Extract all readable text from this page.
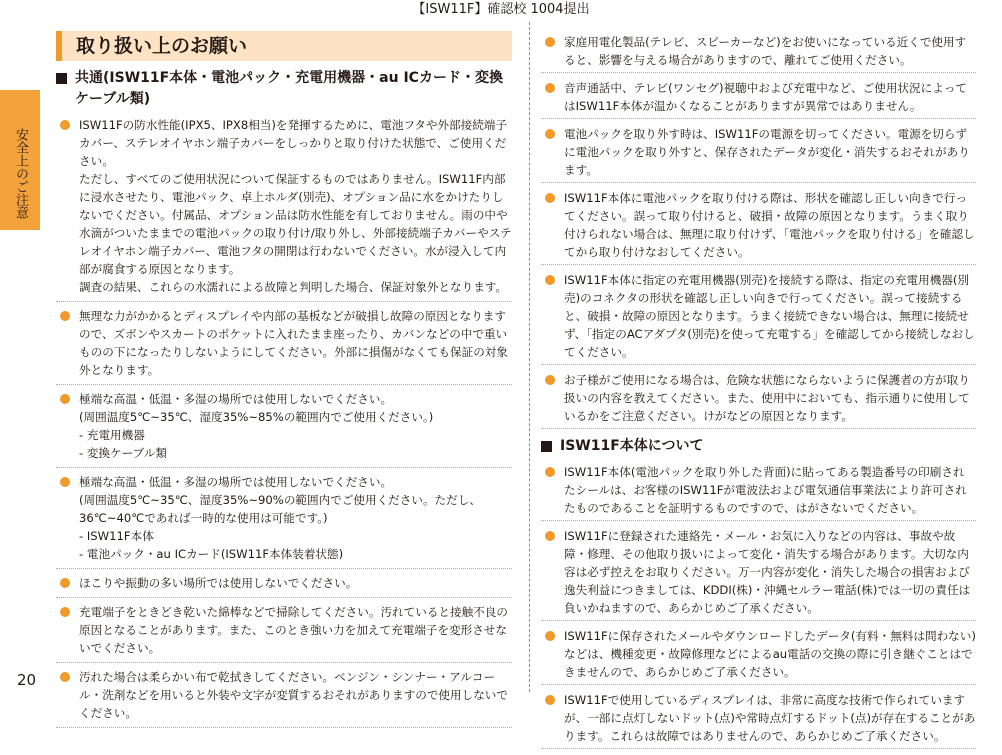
【ISW11F】確認校 1004提出
安全上のご注意
20
取り扱い上のお願い
共通(ISW11F本体・電池パック・充電用機器・au ICカード・変換ケーブル類)

ISW11Fの防水性能(IPX5、IPX8相当)を発揮するために、電池フタや外部接続端子カバー、ステレオイヤホン端子カバーをしっかりと取り付けた状態で、ご使用ください。

ただし、すべてのご使用状況について保証するものではありません。ISW11F内部に浸水させたり、電池パック、卓上ホルダ(別売)、オプション品に水をかけたりしないでください。付属品、オプション品は防水性能を有しておりません。雨の中や水滴がついたままでの電池パックの取り付け/取り外し、外部接続端子カバーやステレオイヤホン端子カバー、電池フタの開閉は行わないでください。水が浸入して内部が腐食する原因となります。

調査の結果、これらの水濡れによる故障と判明した場合、保証対象外となります。

無理な力がかかるとディスプレイや内部の基板などが破損し故障の原因となりますので、ズボンやスカートのポケットに入れたまま座ったり、カバンなどの中で重いものの下になったりしないようにしてください。外部に損傷がなくても保証の対象外となります。

極端な高温・低温・多湿の場所では使用しないでください。

(周囲温度5℃~35℃、湿度35%~85%の範囲内でご使用ください。)

- 充電用機器

- 変換ケーブル類

極端な高温・低温・多湿の場所では使用しないでください。

(周囲温度5℃~35℃、湿度35%~90%の範囲内でご使用ください。ただし、36℃~40℃であれば一時的な使用は可能です。)

- ISW11F本体

- 電池パック・au ICカード(ISW11F本体装着状態)

ほこりや振動の多い場所では使用しないでください。

充電端子をときどき乾いた綿棒などで掃除してください。汚れていると接触不良の原因となることがあります。また、このとき強い力を加えて充電端子を変形させないでください。

汚れた場合は柔らかい布で乾拭きしてください。ベンジン・シンナー・アルコール・洗剤などを用いると外装や文字が変質するおそれがありますので使用しないでください。

家庭用電化製品(テレビ、スピーカーなど)をお使いになっている近くで使用すると、影響を与える場合がありますので、離れてご使用ください。

音声通話中、テレビ(ワンセグ)視聴中および充電中など、ご使用状況によってはISW11F本体が温かくなることがありますが異常ではありません。

電池パックを取り外す時は、ISW11Fの電源を切ってください。電源を切らずに電池パックを取り外すと、保存されたデータが変化・消失するおそれがあります。

ISW11F本体に電池パックを取り付ける際は、形状を確認し正しい向きで行ってください。誤って取り付けると、破損・故障の原因となります。うまく取り付けられない場合は、無理に取り付けず、「電池パックを取り付ける」を確認してから取り付けなおしてください。

ISW11F本体に指定の充電用機器(別売)を接続する際は、指定の充電用機器(別売)のコネクタの形状を確認し正しい向きで行ってください。誤って接続すると、破損・故障の原因となります。うまく接続できない場合は、無理に接続せず、「指定のACアダプタ(別売)を使って充電する」を確認してから接続しなおしてください。

お子様がご使用になる場合は、危険な状態にならないように保護者の方が取り扱いの内容を教えてください。また、使用中においても、指示通りに使用しているかをご注意ください。けがなどの原因となります。

ISW11F本体について

ISW11F本体(電池パックを取り外した背面)に貼ってある製造番号の印刷されたシールは、お客様のISW11Fが電波法および電気通信事業法により許可されたものであることを証明するものですので、はがさないでください。

ISW11Fに登録された連絡先・メール・お気に入りなどの内容は、事故や故障・修理、その他取り扱いによって変化・消失する場合があります。大切な内容は必ず控えをお取りください。万一内容が変化・消失した場合の損害および逸失利益につきましては、KDDI(株)・沖縄セルラー電話(株)では一切の責任は負いかねますので、あらかじめご了承ください。

ISW11Fに保存されたメールやダウンロードしたデータ(有料・無料は問わない)などは、機種変更・故障修理などによるau電話の交換の際に引き継ぐことはできませんので、あらかじめご了承ください。

ISW11Fで使用しているディスプレイは、非常に高度な技術で作られていますが、一部に点灯しないドット(点)や常時点灯するドット(点)が存在することがあります。これらは故障ではありませんので、あらかじめご了承ください。
